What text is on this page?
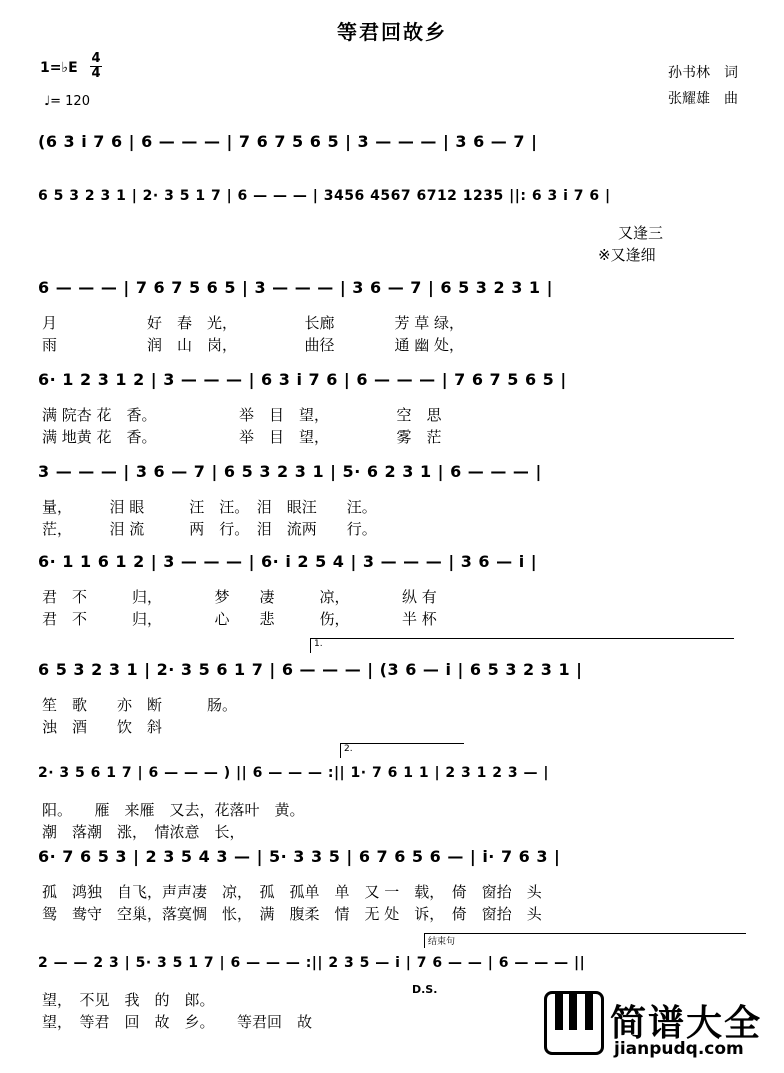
等君回故乡
1=♭E
4
4
♩= 120
孙书林　词
张耀雄　曲
(6 3 i 7 6 | 6 — — — | 7 6 7 5 6 5 | 3 — — — | 3 6 — 7 |
6 5 3 2 3 1 | 2· 3 5 1 7 | 6 — — — | 3456 4567 6712 1235 ||: 6 3 i 7 6 |
又逢三
※又逢细
6 — — — | 7 6 7 5 6 5 | 3 — — — | 3 6 — 7 | 6 5 3 2 3 1 |
月　　　　　　好　春　光，　　　　　长廊　　　　芳 草 绿，
雨　　　　　　润　山　岗，　　　　　曲径　　　　通 幽 处，
6· 1 2 3 1 2 | 3 — — — | 6 3 i 7 6 | 6 — — — | 7 6 7 5 6 5 |
满 院杏 花　香。　　　　　　举　目　望，　　　　　空　思
满 地黄 花　香。　　　　　　举　目　望，　　　　　雾　茫
3 — — — | 3 6 — 7 | 6 5 3 2 3 1 | 5· 6 2 3 1 | 6 — — — |
量，　　　泪 眼　　　汪　汪。　泪　眼汪　　汪。
茫，　　　泪 流　　　两　行。　泪　流两　　行。
6· 1 1 6 1 2 | 3 — — — | 6· i 2 5 4 | 3 — — — | 3 6 — i |
君　不　　　归，　　　　梦　　凄　　　凉，　　　　纵 有
君　不　　　归，　　　　心　　悲　　　伤，　　　　半 杯
6 5 3 2 3 1 | 2· 3 5 6 1 7 | 6 — — — | (3 6 — i | 6 5 3 2 3 1 |
笙　歌　　亦　断　　　肠。
浊　酒　　饮　斜
1.
2· 3 5 6 1 7 | 6 — — — ) || 6 — — — :|| 1· 7 6 1 1 | 2 3 1 2 3 — |
阳。　　雁　来雁　又去，花落叶　黄。
潮　落潮　涨，　情浓意　长，
2.
6· 7 6 5 3 | 2 3 5 4 3 — | 5· 3 3 5 | 6 7 6 5 6 — | i· 7 6 3 |
孤　鸿独　自飞，声声凄　凉，　孤　孤单　单　又 一　载，　倚　窗抬　头
鸳　鸯守　空巢，落寞惆　怅，　满　腹柔　情　无 处　诉，　倚　窗抬　头
2 — — 2 3 | 5· 3 5 1 7 | 6 — — — :|| 2 3 5 — i | 7 6 — — | 6 — — — ||
望，　不见　我　的　郎。
望，　等君　回　故　乡。　　等君回　故
结束句
D.S.
简谱大全
jianpudq.com
